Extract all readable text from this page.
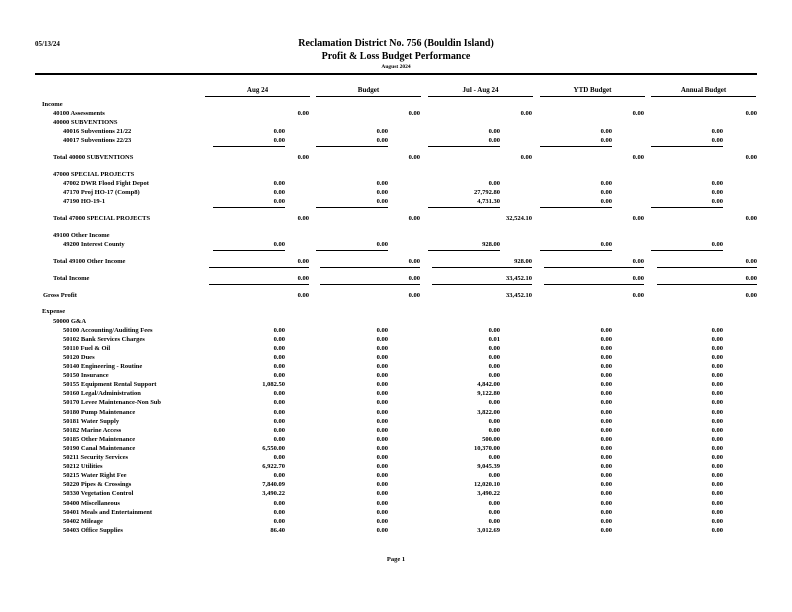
05/13/24	Reclamation District No. 756 (Bouldin Island)
Profit & Loss Budget Performance
August 2024
Aug 24	Budget	Jul - Aug 24	YTD Budget	Annual Budget
Income
40100 Assessments	0.00	0.00	0.00	0.00	0.00
40000 SUBVENTIONS
40016 Subventions 21/22	0.00	0.00	0.00	0.00	0.00
40017 Subventions 22/23	0.00	0.00	0.00	0.00	0.00
Total 40000 SUBVENTIONS	0.00	0.00	0.00	0.00	0.00
47000 SPECIAL PROJECTS
47002 DWR Flood Fight Depot	0.00	0.00	0.00	0.00	0.00
47170 Proj HO-17 (Comp8)	0.00	0.00	27,792.80	0.00	0.00
47190 HO-19-1	0.00	0.00	4,731.30	0.00	0.00
Total 47000 SPECIAL PROJECTS	0.00	0.00	32,524.10	0.00	0.00
49100 Other Income
49200 Interest County	0.00	0.00	928.00	0.00	0.00
Total 49100 Other Income	0.00	0.00	928.00	0.00	0.00
Total Income	0.00	0.00	33,452.10	0.00	0.00
Gross Profit	0.00	0.00	33,452.10	0.00	0.00
Expense
50000 G&A
50100 Accounting/Auditing Fees	0.00	0.00	0.00	0.00	0.00
50102 Bank Services Charges	0.00	0.00	0.01	0.00	0.00
50110 Fuel & Oil	0.00	0.00	0.00	0.00	0.00
50120 Dues	0.00	0.00	0.00	0.00	0.00
50140 Engineering - Routine	0.00	0.00	0.00	0.00	0.00
50150 Insurance	0.00	0.00	0.00	0.00	0.00
50155 Equipment Rental Support	1,082.50	0.00	4,842.00	0.00	0.00
50160 Legal/Administration	0.00	0.00	9,122.80	0.00	0.00
50170 Levee Maintenance-Non Sub	0.00	0.00	0.00	0.00	0.00
50180 Pump Maintenance	0.00	0.00	3,822.00	0.00	0.00
50181 Water Supply	0.00	0.00	0.00	0.00	0.00
50182 Marine Access	0.00	0.00	0.00	0.00	0.00
50185 Other Maintenance	0.00	0.00	500.00	0.00	0.00
50190 Canal Maintenance	6,550.00	0.00	10,370.00	0.00	0.00
50211 Security Services	0.00	0.00	0.00	0.00	0.00
50212 Utilities	6,922.70	0.00	9,045.39	0.00	0.00
50215 Water Right Fee	0.00	0.00	0.00	0.00	0.00
50220 Pipes & Crossings	7,840.09	0.00	12,020.10	0.00	0.00
50330 Vegetation Control	3,490.22	0.00	3,490.22	0.00	0.00
50400 Miscellaneous	0.00	0.00	0.00	0.00	0.00
50401 Meals and Entertainment	0.00	0.00	0.00	0.00	0.00
50402 Mileage	0.00	0.00	0.00	0.00	0.00
50403 Office Supplies	86.40	0.00	3,012.69	0.00	0.00
Page 1
